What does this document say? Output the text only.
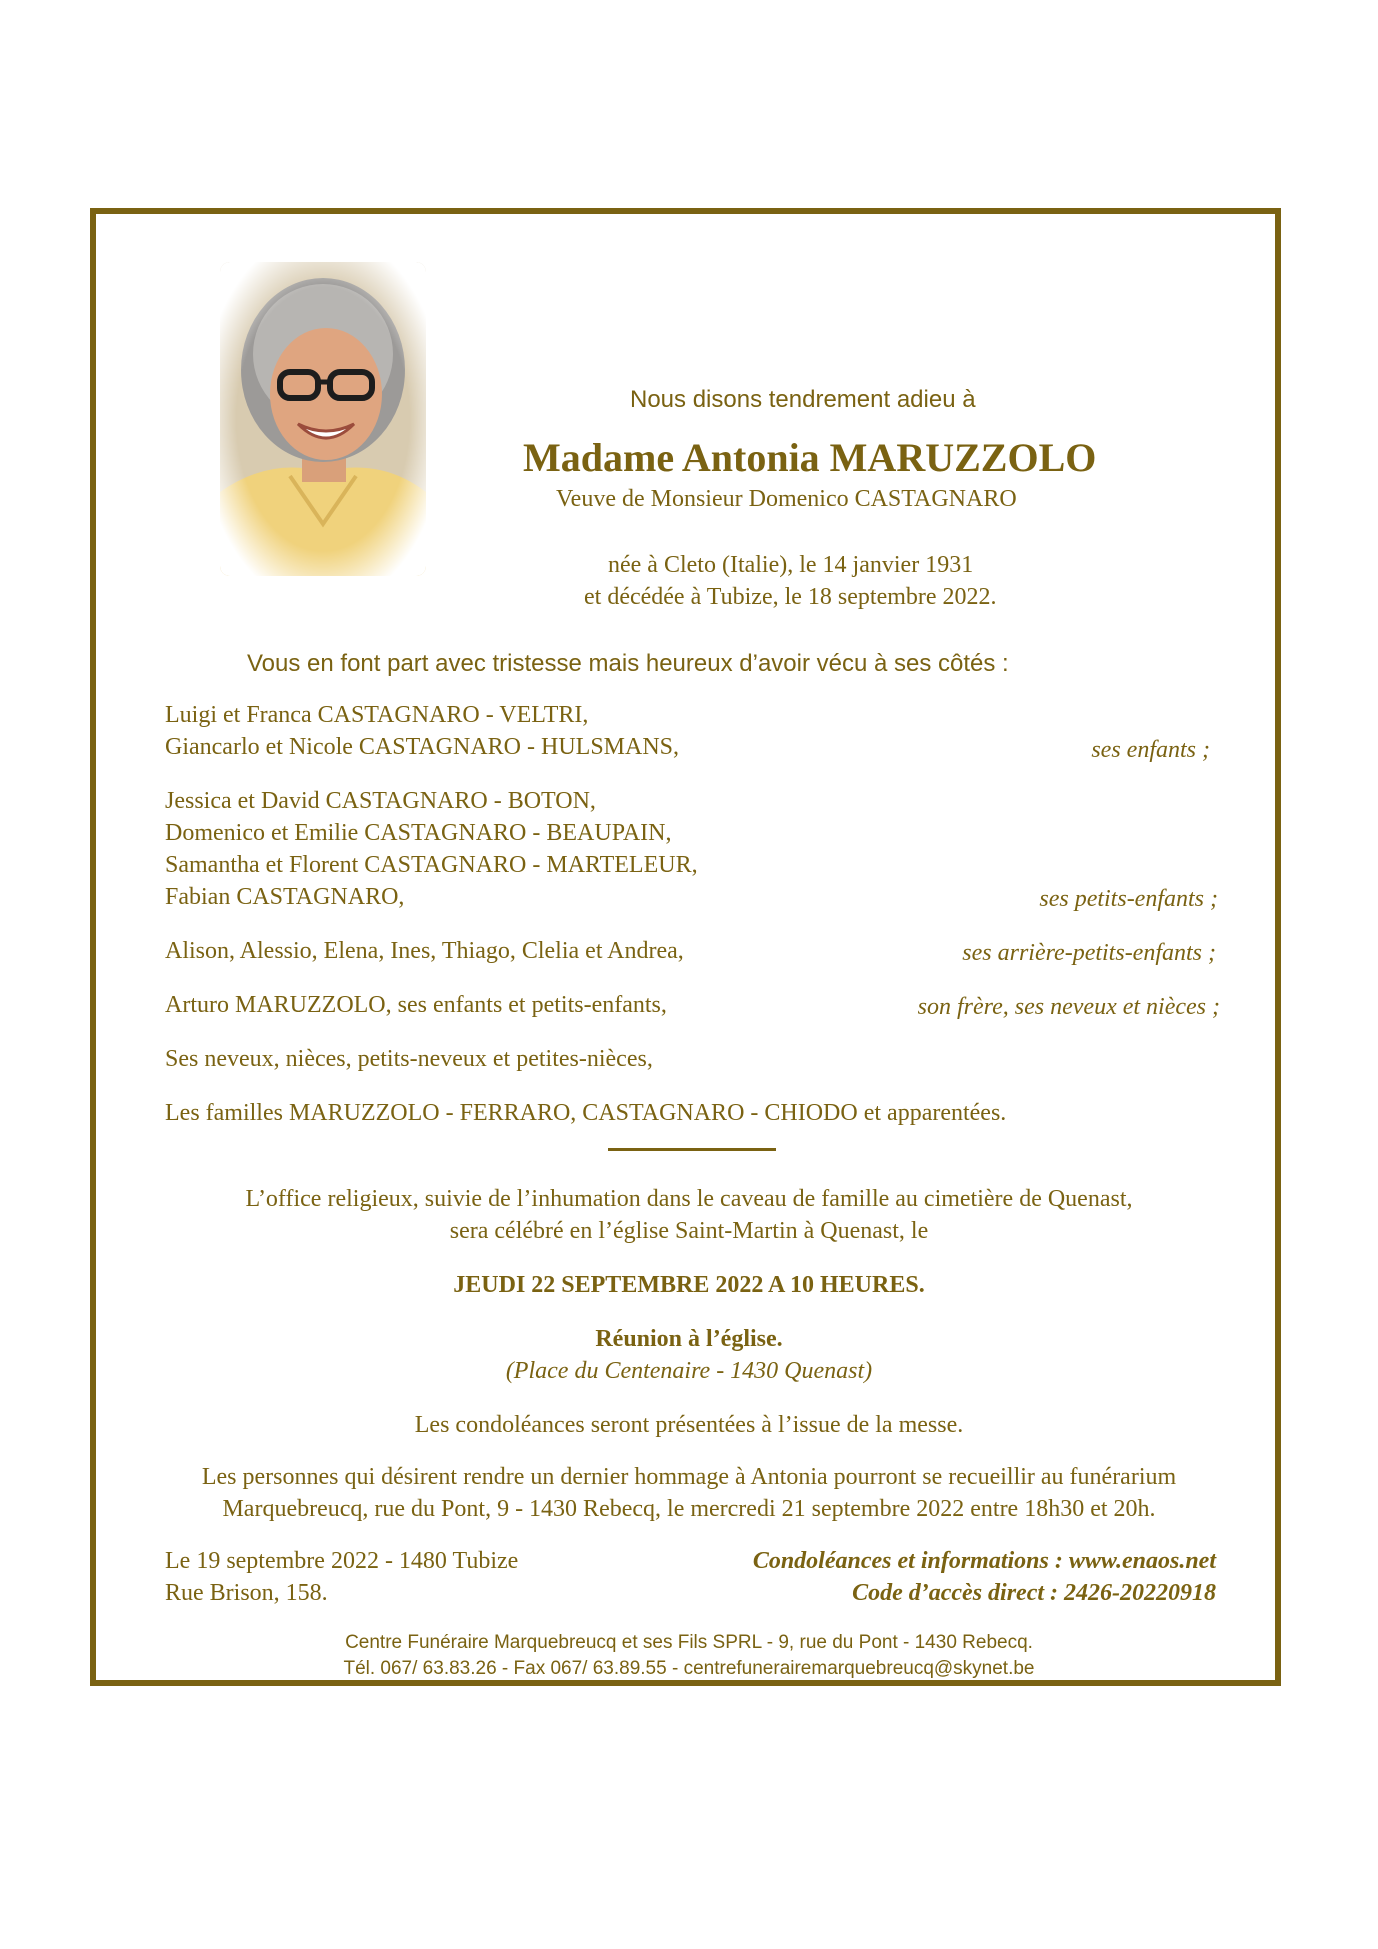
Nous disons tendrement adieu à
Madame Antonia MARUZZOLO
Veuve de Monsieur Domenico CASTAGNARO
née à Cleto (Italie), le 14 janvier 1931
et décédée à Tubize, le 18 septembre 2022.
Vous en font part avec tristesse mais heureux d’avoir vécu à ses côtés :
Luigi et Franca CASTAGNARO - VELTRI,
Giancarlo et Nicole CASTAGNARO - HULSMANS,	ses enfants ;
Jessica et David CASTAGNARO - BOTON,
Domenico et Emilie CASTAGNARO - BEAUPAIN,
Samantha et Florent CASTAGNARO - MARTELEUR,
Fabian CASTAGNARO,	ses petits-enfants ;
Alison, Alessio, Elena, Ines, Thiago, Clelia et Andrea,	ses arrière-petits-enfants ;
Arturo MARUZZOLO, ses enfants et petits-enfants,	son frère, ses neveux et nièces ;
Ses neveux, nièces, petits-neveux et petites-nièces,
Les familles MARUZZOLO - FERRARO, CASTAGNARO - CHIODO et apparentées.
L’office religieux, suivie de l’inhumation dans le caveau de famille au cimetière de Quenast,
sera célébré en l’église Saint-Martin à Quenast, le
JEUDI 22 SEPTEMBRE 2022 A 10 HEURES.
Réunion à l’église.
(Place du Centenaire - 1430 Quenast)
Les condoléances seront présentées à l’issue de la messe.
Les personnes qui désirent rendre un dernier hommage à Antonia pourront se recueillir au funérarium
Marquebreucq, rue du Pont, 9 - 1430 Rebecq, le mercredi 21 septembre 2022 entre 18h30 et 20h.
Le 19 septembre 2022 - 1480 Tubize
Rue Brison, 158.
Condoléances et informations : www.enaos.net
Code d’accès direct : 2426-20220918
Centre Funéraire Marquebreucq et ses Fils SPRL - 9, rue du Pont - 1430 Rebecq.
Tél. 067/ 63.83.26 - Fax 067/ 63.89.55 - centrefunerairemarquebreucq@skynet.be
